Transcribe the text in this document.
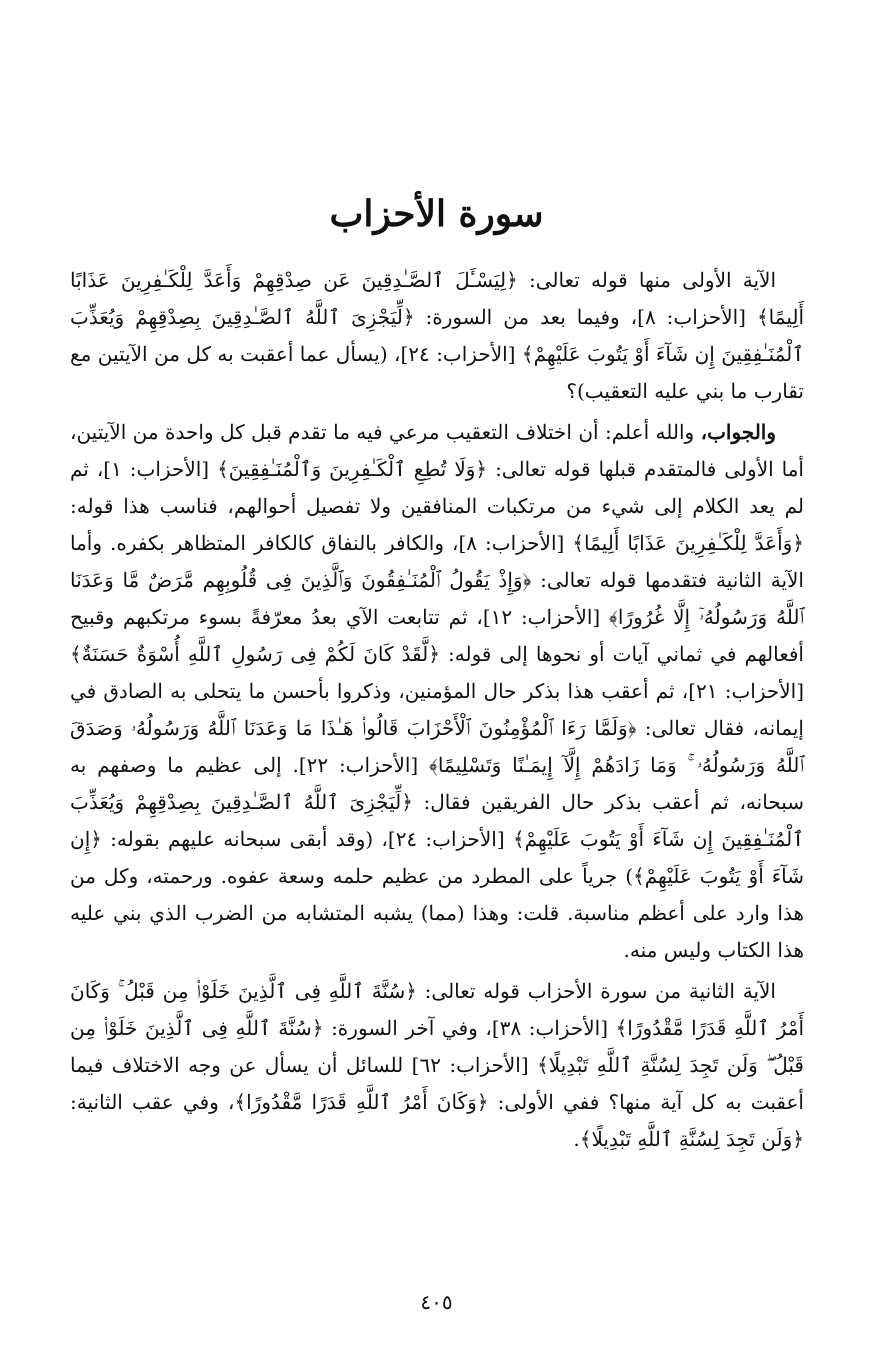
سورة الأحزاب

الآية الأولى منها قوله تعالى: ﴿لِيَسْـَٔلَ ٱلصَّـٰدِقِينَ عَن صِدْقِهِمْ وَأَعَدَّ لِلْكَـٰفِرِينَ عَذَابًا أَلِيمًا﴾ [الأحزاب: ٨]، وفيما بعد من السورة: ﴿لِّيَجْزِىَ ٱللَّهُ ٱلصَّـٰدِقِينَ بِصِدْقِهِمْ وَيُعَذِّبَ ٱلْمُنَـٰفِقِينَ إِن شَآءَ أَوْ يَتُوبَ عَلَيْهِمْ﴾ [الأحزاب: ٢٤]، (يسأل عما أعقبت به كل من الآيتين مع تقارب ما بني عليه التعقيب)؟

والجواب، والله أعلم: أن اختلاف التعقيب مرعي فيه ما تقدم قبل كل واحدة من الآيتين، أما الأولى فالمتقدم قبلها قوله تعالى: ﴿وَلَا تُطِعِ ٱلْكَـٰفِرِينَ وَٱلْمُنَـٰفِقِينَ﴾ [الأحزاب: ١]، ثم لم يعد الكلام إلى شيء من مرتكبات المنافقين ولا تفصيل أحوالهم، فناسب هذا قوله: ﴿وَأَعَدَّ لِلْكَـٰفِرِينَ عَذَابًا أَلِيمًا﴾ [الأحزاب: ٨]، والكافر بالنفاق كالكافر المتظاهر بكفره. وأما الآية الثانية فتقدمها قوله تعالى: ﴿وَإِذْ يَقُولُ ٱلْمُنَـٰفِقُونَ وَٱلَّذِينَ فِى قُلُوبِهِم مَّرَضٌ مَّا وَعَدَنَا ٱللَّهُ وَرَسُولُهُۥٓ إِلَّا غُرُورًا﴾ [الأحزاب: ١٢]، ثم تتابعت الآي بعدُ معرّفةً بسوء مرتكبهم وقبيح أفعالهم في ثماني آيات أو نحوها إلى قوله: ﴿لَّقَدْ كَانَ لَكُمْ فِى رَسُولِ ٱللَّهِ أُسْوَةٌ حَسَنَةٌ﴾ [الأحزاب: ٢١]، ثم أعقب هذا بذكر حال المؤمنين، وذكروا بأحسن ما يتحلى به الصادق في إيمانه، فقال تعالى: ﴿وَلَمَّا رَءَا ٱلْمُؤْمِنُونَ ٱلْأَحْزَابَ قَالُوا۟ هَـٰذَا مَا وَعَدَنَا ٱللَّهُ وَرَسُولُهُۥ وَصَدَقَ ٱللَّهُ وَرَسُولُهُۥ ۚ وَمَا زَادَهُمْ إِلَّآ إِيمَـٰنًا وَتَسْلِيمًا﴾ [الأحزاب: ٢٢]. إلى عظيم ما وصفهم به سبحانه، ثم أعقب بذكر حال الفريقين فقال: ﴿لِّيَجْزِىَ ٱللَّهُ ٱلصَّـٰدِقِينَ بِصِدْقِهِمْ وَيُعَذِّبَ ٱلْمُنَـٰفِقِينَ إِن شَآءَ أَوْ يَتُوبَ عَلَيْهِمْ﴾ [الأحزاب: ٢٤]، (وقد أبقى سبحانه عليهم بقوله: ﴿إِن شَآءَ أَوْ يَتُوبَ عَلَيْهِمْ﴾) جرياً على المطرد من عظيم حلمه وسعة عفوه. ورحمته، وكل من هذا وارد على أعظم مناسبة. قلت: وهذا (مما) يشبه المتشابه من الضرب الذي بني عليه هذا الكتاب وليس منه.

الآية الثانية من سورة الأحزاب قوله تعالى: ﴿سُنَّةَ ٱللَّهِ فِى ٱلَّذِينَ خَلَوْا۟ مِن قَبْلُ ۚ وَكَانَ أَمْرُ ٱللَّهِ قَدَرًا مَّقْدُورًا﴾ [الأحزاب: ٣٨]، وفي آخر السورة: ﴿سُنَّةَ ٱللَّهِ فِى ٱلَّذِينَ خَلَوْا۟ مِن قَبْلُ ۖ وَلَن تَجِدَ لِسُنَّةِ ٱللَّهِ تَبْدِيلًا﴾ [الأحزاب: ٦٢] للسائل أن يسأل عن وجه الاختلاف فيما أعقبت به كل آية منها؟ ففي الأولى: ﴿وَكَانَ أَمْرُ ٱللَّهِ قَدَرًا مَّقْدُورًا﴾، وفي عقب الثانية: ﴿وَلَن تَجِدَ لِسُنَّةِ ٱللَّهِ تَبْدِيلًا﴾.

٤٠٥
